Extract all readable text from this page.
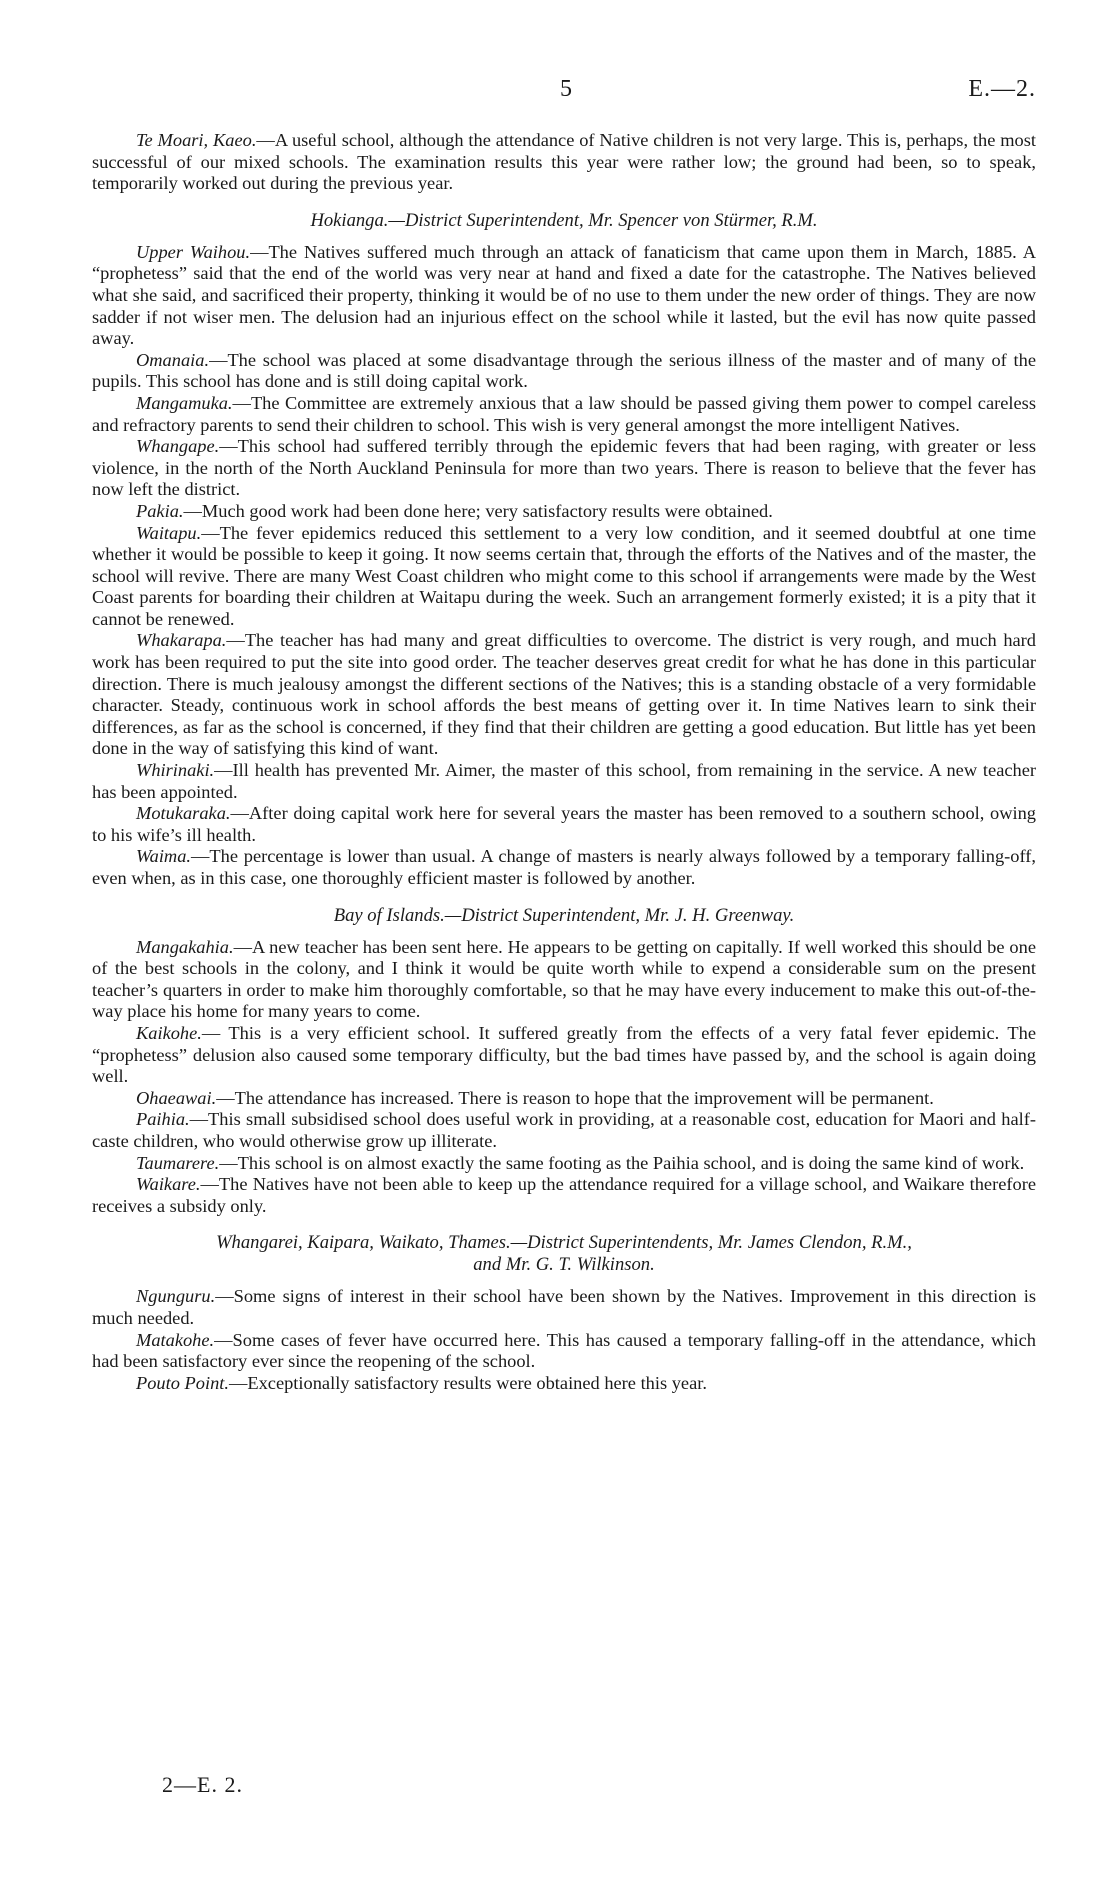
5	E.—2.

Te Moari, Kaeo.—A useful school, although the attendance of Native children is not very large. This is, perhaps, the most successful of our mixed schools. The examination results this year were rather low; the ground had been, so to speak, temporarily worked out during the previous year.

Hokianga.—District Superintendent, Mr. Spencer von Stürmer, R.M.

Upper Waihou.—The Natives suffered much through an attack of fanaticism that came upon them in March, 1885. A “prophetess” said that the end of the world was very near at hand and fixed a date for the catastrophe. The Natives believed what she said, and sacrificed their property, thinking it would be of no use to them under the new order of things. They are now sadder if not wiser men. The delusion had an injurious effect on the school while it lasted, but the evil has now quite passed away.

Omanaia.—The school was placed at some disadvantage through the serious illness of the master and of many of the pupils. This school has done and is still doing capital work.

Mangamuka.—The Committee are extremely anxious that a law should be passed giving them power to compel careless and refractory parents to send their children to school. This wish is very general amongst the more intelligent Natives.

Whangape.—This school had suffered terribly through the epidemic fevers that had been raging, with greater or less violence, in the north of the North Auckland Peninsula for more than two years. There is reason to believe that the fever has now left the district.

Pakia.—Much good work had been done here; very satisfactory results were obtained.

Waitapu.—The fever epidemics reduced this settlement to a very low condition, and it seemed doubtful at one time whether it would be possible to keep it going. It now seems certain that, through the efforts of the Natives and of the master, the school will revive. There are many West Coast children who might come to this school if arrangements were made by the West Coast parents for boarding their children at Waitapu during the week. Such an arrangement formerly existed; it is a pity that it cannot be renewed.

Whakarapa.—The teacher has had many and great difficulties to overcome. The district is very rough, and much hard work has been required to put the site into good order. The teacher deserves great credit for what he has done in this particular direction. There is much jealousy amongst the different sections of the Natives; this is a standing obstacle of a very formidable character. Steady, continuous work in school affords the best means of getting over it. In time Natives learn to sink their differences, as far as the school is concerned, if they find that their children are getting a good education. But little has yet been done in the way of satisfying this kind of want.

Whirinaki.—Ill health has prevented Mr. Aimer, the master of this school, from remaining in the service. A new teacher has been appointed.

Motukaraka.—After doing capital work here for several years the master has been removed to a southern school, owing to his wife’s ill health.

Waima.—The percentage is lower than usual. A change of masters is nearly always followed by a temporary falling-off, even when, as in this case, one thoroughly efficient master is followed by another.

Bay of Islands.—District Superintendent, Mr. J. H. Greenway.

Mangakahia.—A new teacher has been sent here. He appears to be getting on capitally. If well worked this should be one of the best schools in the colony, and I think it would be quite worth while to expend a considerable sum on the present teacher’s quarters in order to make him thoroughly comfortable, so that he may have every inducement to make this out-of-the-way place his home for many years to come.

Kaikohe.— This is a very efficient school. It suffered greatly from the effects of a very fatal fever epidemic. The “prophetess” delusion also caused some temporary difficulty, but the bad times have passed by, and the school is again doing well.

Ohaeawai.—The attendance has increased. There is reason to hope that the improvement will be permanent.

Paihia.—This small subsidised school does useful work in providing, at a reasonable cost, education for Maori and half-caste children, who would otherwise grow up illiterate.

Taumarere.—This school is on almost exactly the same footing as the Paihia school, and is doing the same kind of work.

Waikare.—The Natives have not been able to keep up the attendance required for a village school, and Waikare therefore receives a subsidy only.

Whangarei, Kaipara, Waikato, Thames.—District Superintendents, Mr. James Clendon, R.M.,
and Mr. G. T. Wilkinson.

Ngunguru.—Some signs of interest in their school have been shown by the Natives. Improvement in this direction is much needed.

Matakohe.—Some cases of fever have occurred here. This has caused a temporary falling-off in the attendance, which had been satisfactory ever since the reopening of the school.

Pouto Point.—Exceptionally satisfactory results were obtained here this year.

2—E. 2.
